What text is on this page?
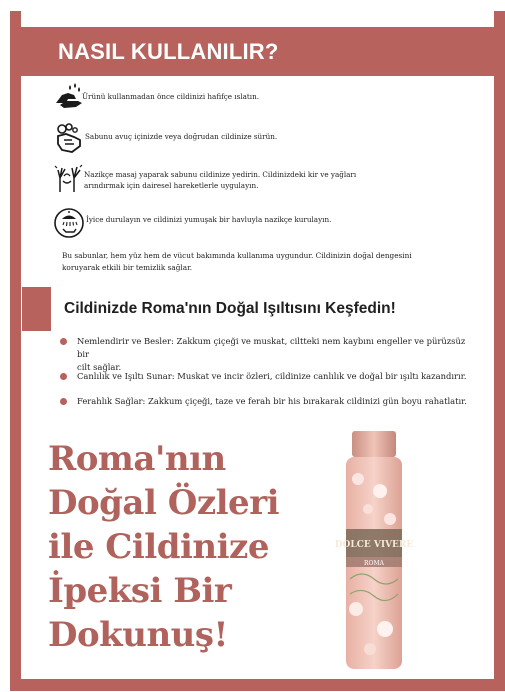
NASIL KULLANILIR?
Ürünü kullanmadan önce cildinizi hafifçe ıslatın.
Sabunu avuç içinizde veya doğrudan cildinize sürün.
Nazikçe masaj yaparak sabunu cildinize yedirin. Cildinizdeki kir ve yağları
arındırmak için dairesel hareketlerle uygulayın.
İyice durulayın ve cildinizi yumuşak bir havluyla nazikçe kurulayın.
Bu sabunlar, hem yüz hem de vücut bakımında kullanıma uygundur. Cildinizin doğal dengesini
koruyarak etkili bir temizlik sağlar.
Cildinizde Roma'nın Doğal Işıltısını Keşfedin!
Nemlendirir ve Besler: Zakkum çiçeği ve muskat, ciltteki nem kaybını engeller ve pürüzsüz bir
cilt sağlar.
Canlılık ve Işıltı Sunar: Muskat ve incir özleri, cildinize canlılık ve doğal bir ışıltı kazandırır.
Ferahlık Sağlar: Zakkum çiçeği, taze ve ferah bir his bırakarak cildinizi gün boyu rahatlatır.
Roma'nın
Doğal Özleri
ile Cildinize
İpeksi Bir
Dokunuş!
DOLCE VIVERE
ROMA
